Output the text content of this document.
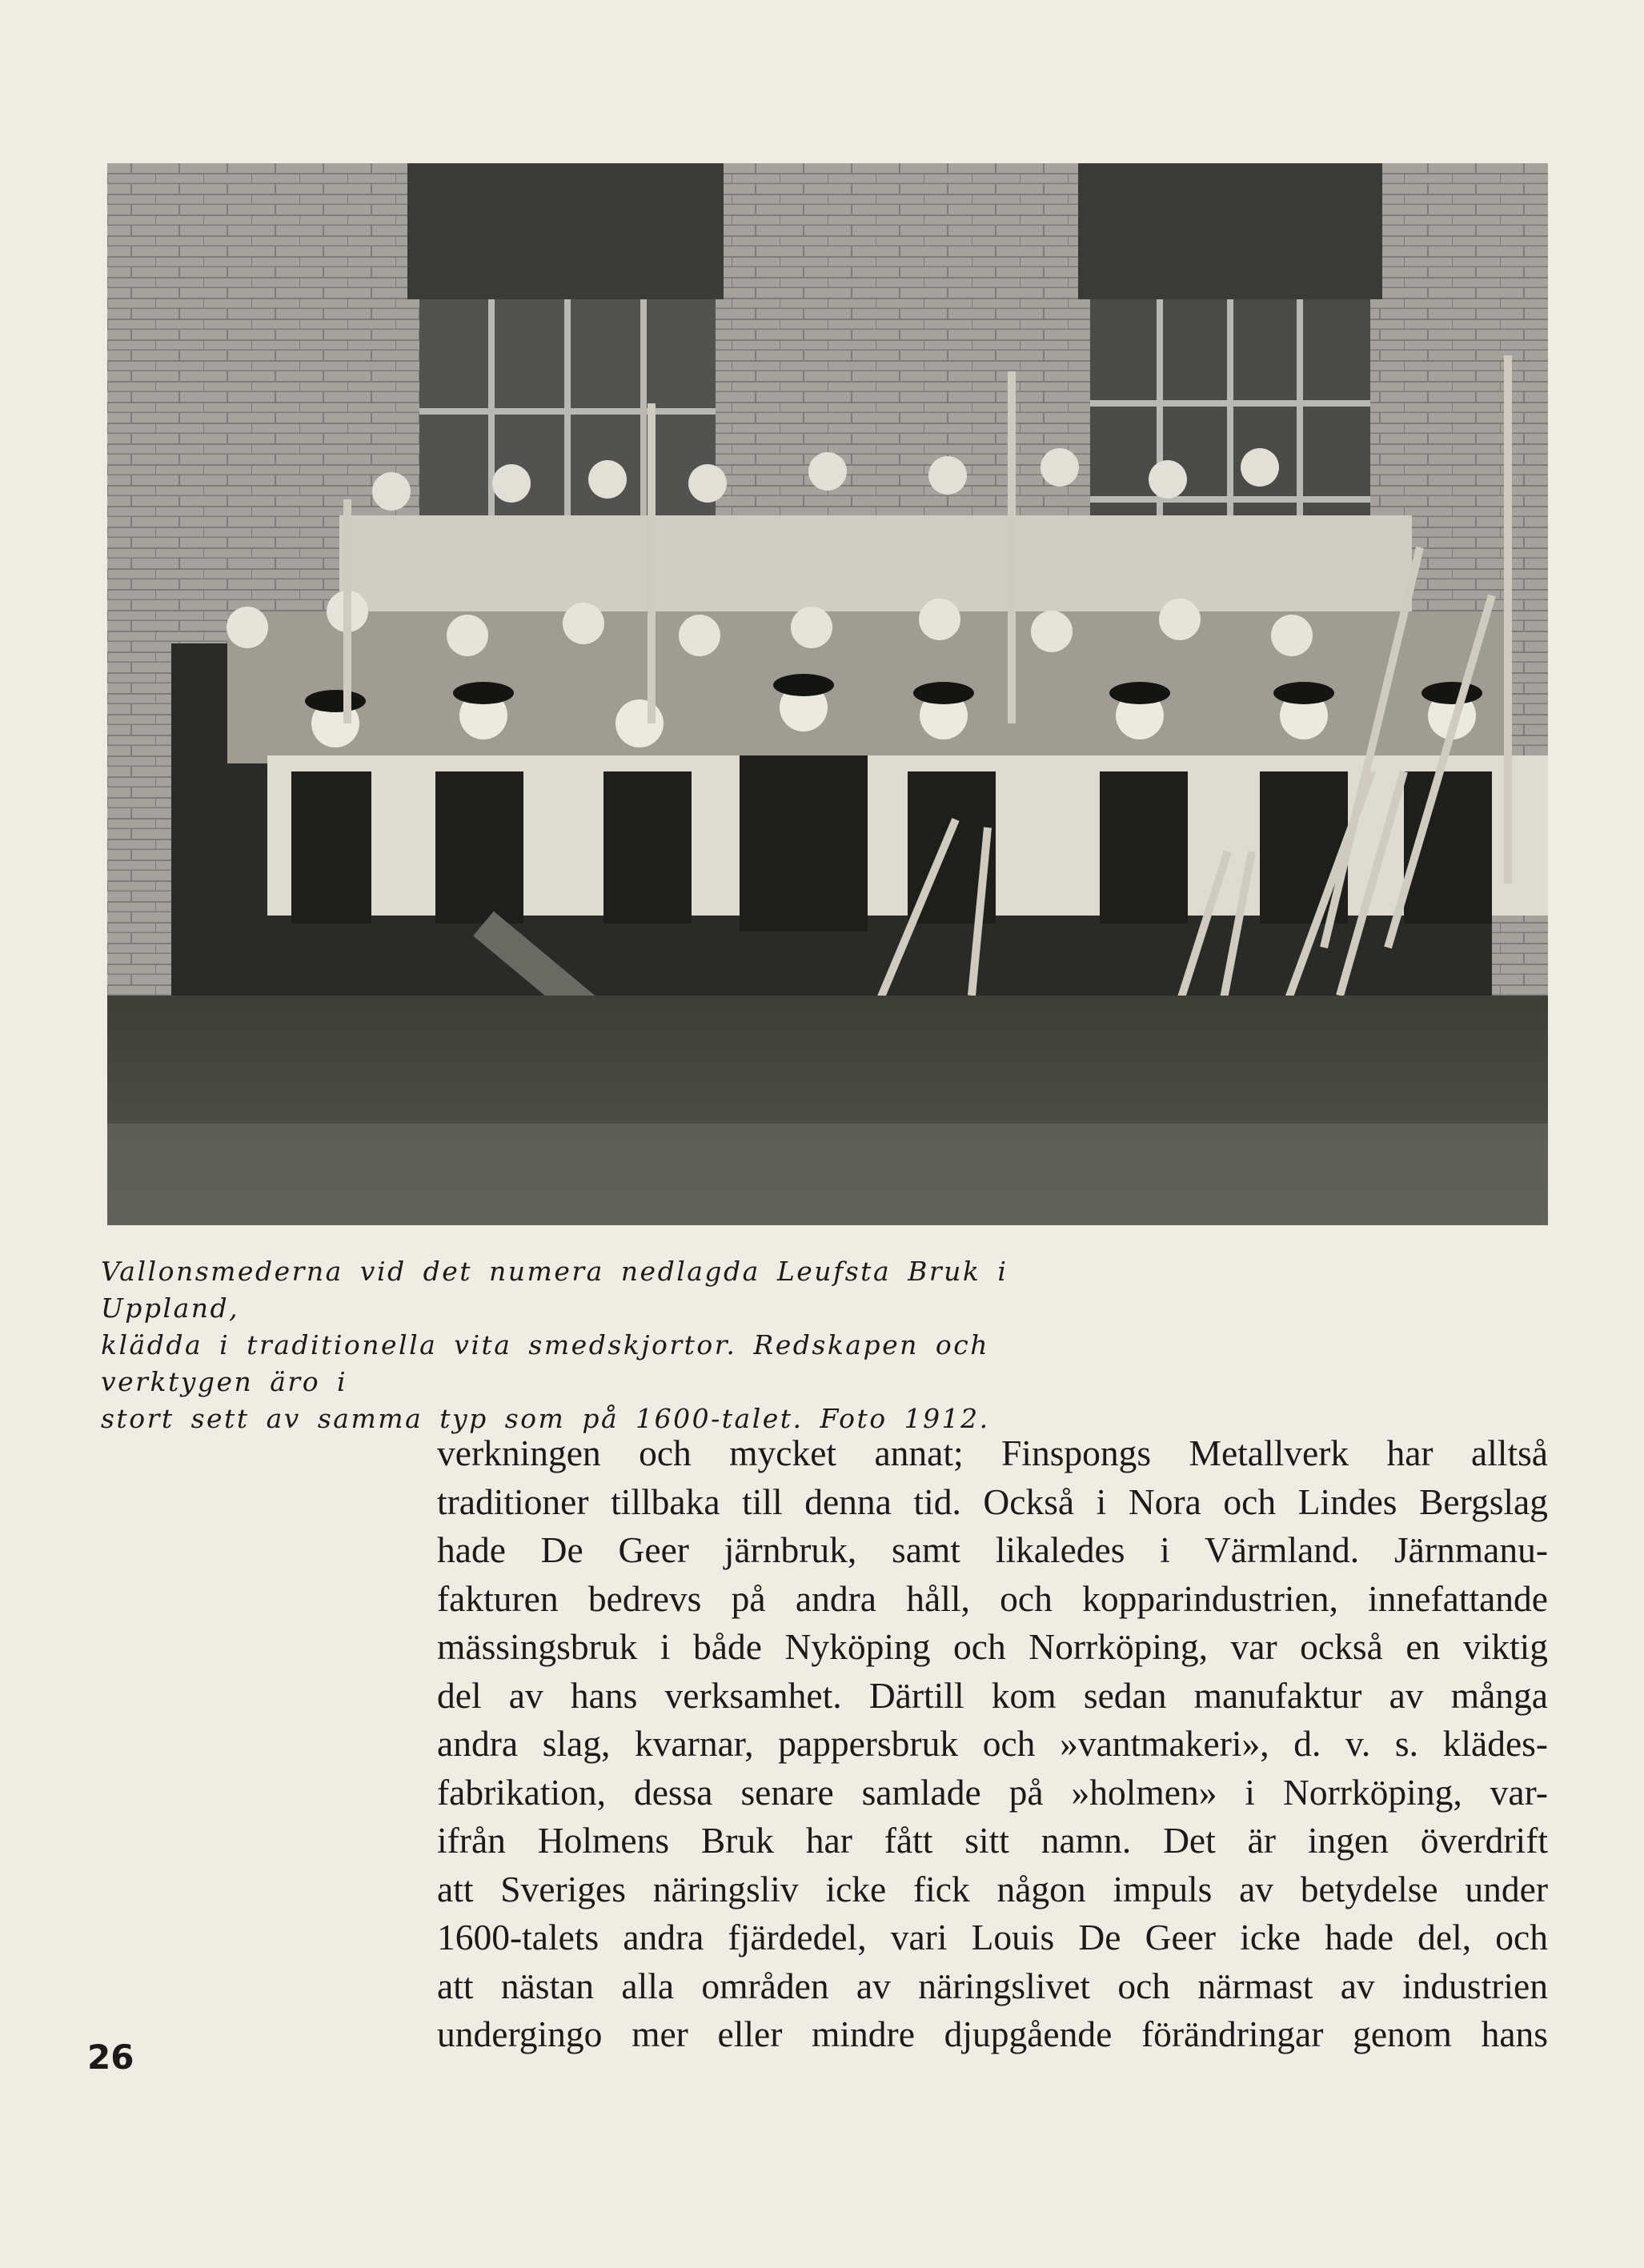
Vallonsmederna vid det numera nedlagda Leufsta Bruk i Uppland,
klädda i traditionella vita smedskjortor. Redskapen och verktygen äro i
stort sett av samma typ som på 1600-talet. Foto 1912.

verkningen och mycket annat; Finspongs Metallverk har alltså
traditioner tillbaka till denna tid. Också i Nora och Lindes Bergslag
hade De Geer järnbruk, samt likaledes i Värmland. Järnmanu-
fakturen bedrevs på andra håll, och kopparindustrien, innefattande
mässingsbruk i både Nyköping och Norrköping, var också en viktig
del av hans verksamhet. Därtill kom sedan manufaktur av många
andra slag, kvarnar, pappersbruk och »vantmakeri», d. v. s. klädes-
fabrikation, dessa senare samlade på »holmen» i Norrköping, var-
ifrån Holmens Bruk har fått sitt namn. Det är ingen överdrift
att Sveriges näringsliv icke fick någon impuls av betydelse under
1600-talets andra fjärdedel, vari Louis De Geer icke hade del, och
att nästan alla områden av näringslivet och närmast av industrien
undergingo mer eller mindre djupgående förändringar genom hans

26
